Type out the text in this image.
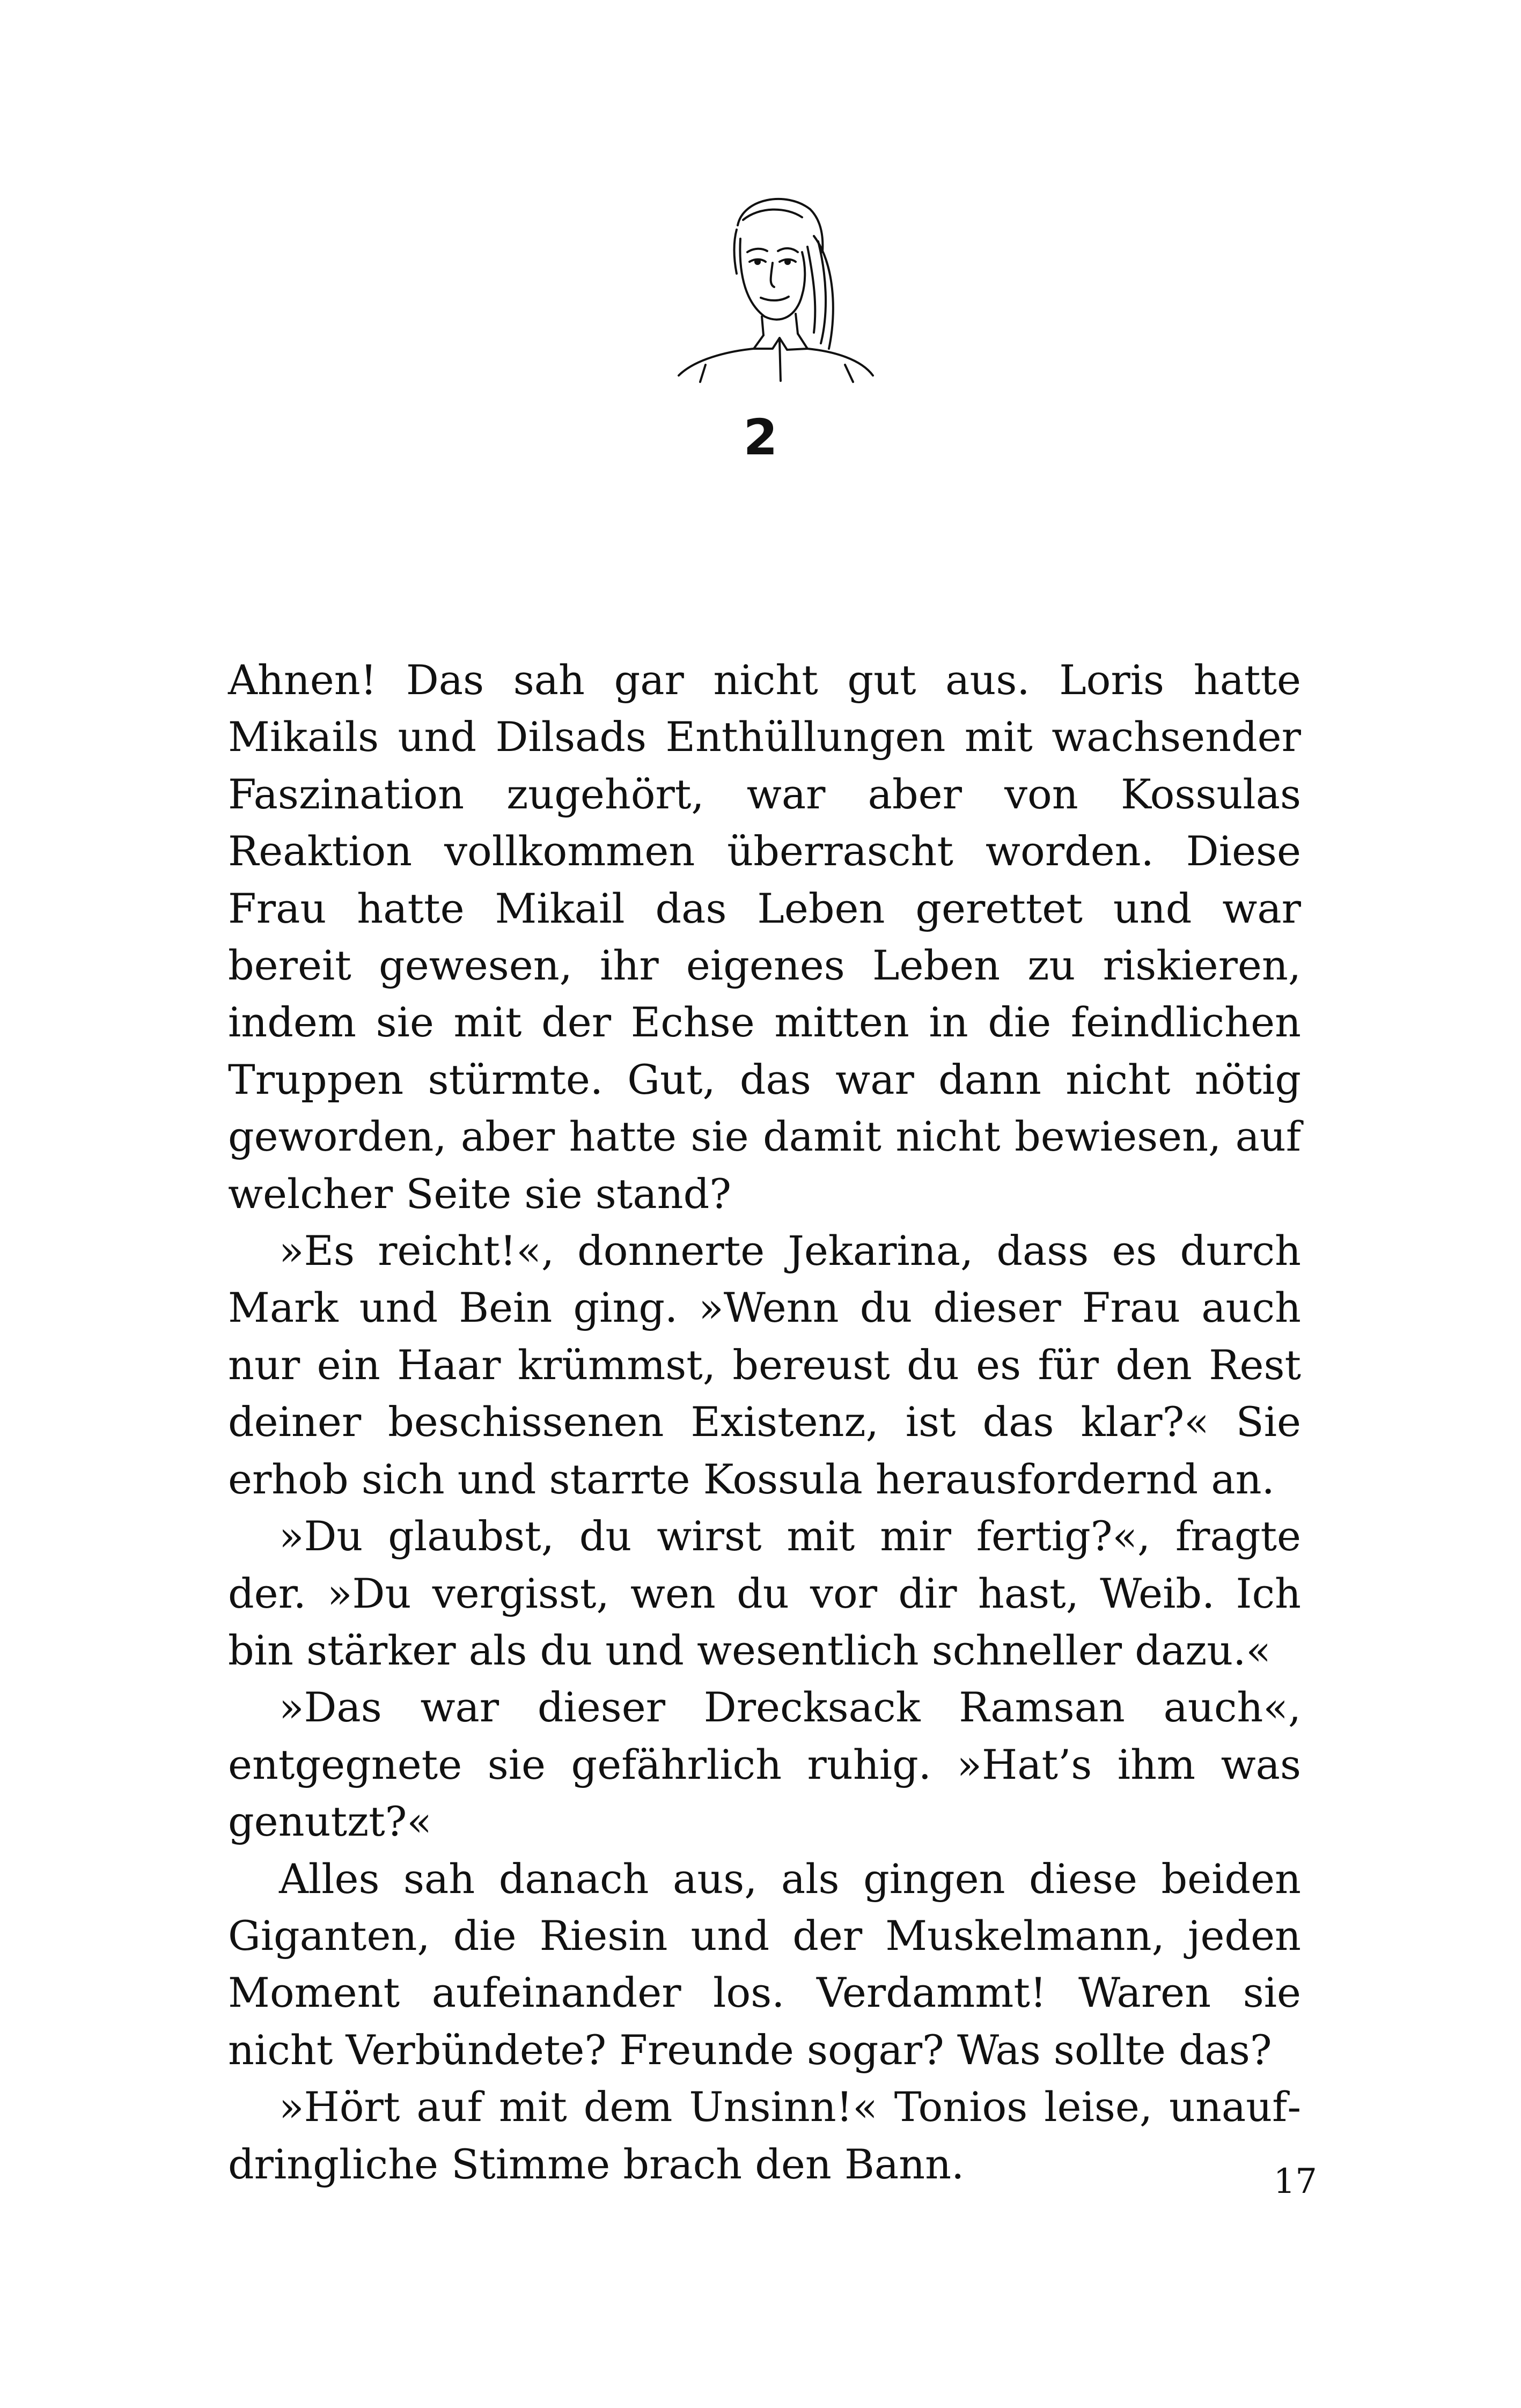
2

Ahnen! Das sah gar nicht gut aus. Loris hatte Mikails und Dilsads Enthüllungen mit wachsender Faszination zugehört, war aber von Kossulas Reaktion vollkommen überrascht worden. Diese Frau hatte Mikail das Leben gerettet und war bereit gewesen, ihr eigenes Leben zu riskieren, indem sie mit der Echse mitten in die feindlichen Truppen stürmte. Gut, das war dann nicht nötig geworden, aber hatte sie damit nicht bewiesen, auf welcher Seite sie stand?

»Es reicht!«, donnerte Jekarina, dass es durch Mark und Bein ging. »Wenn du dieser Frau auch nur ein Haar krümmst, bereust du es für den Rest deiner beschissenen Existenz, ist das klar?« Sie erhob sich und starrte Kossula herausfordernd an.

»Du glaubst, du wirst mit mir fertig?«, fragte der. »Du vergisst, wen du vor dir hast, Weib. Ich bin stärker als du und wesentlich schneller dazu.«

»Das war dieser Drecksack Ramsan auch«, entgegnete sie gefährlich ruhig. »Hat’s ihm was genutzt?«

Alles sah danach aus, als gingen diese beiden Giganten, die Riesin und der Muskelmann, jeden Moment aufeinander los. Verdammt! Waren sie nicht Verbündete? Freunde sogar? Was sollte das?

»Hört auf mit dem Unsinn!« Tonios leise, unaufdringliche Stimme brach den Bann.	17
